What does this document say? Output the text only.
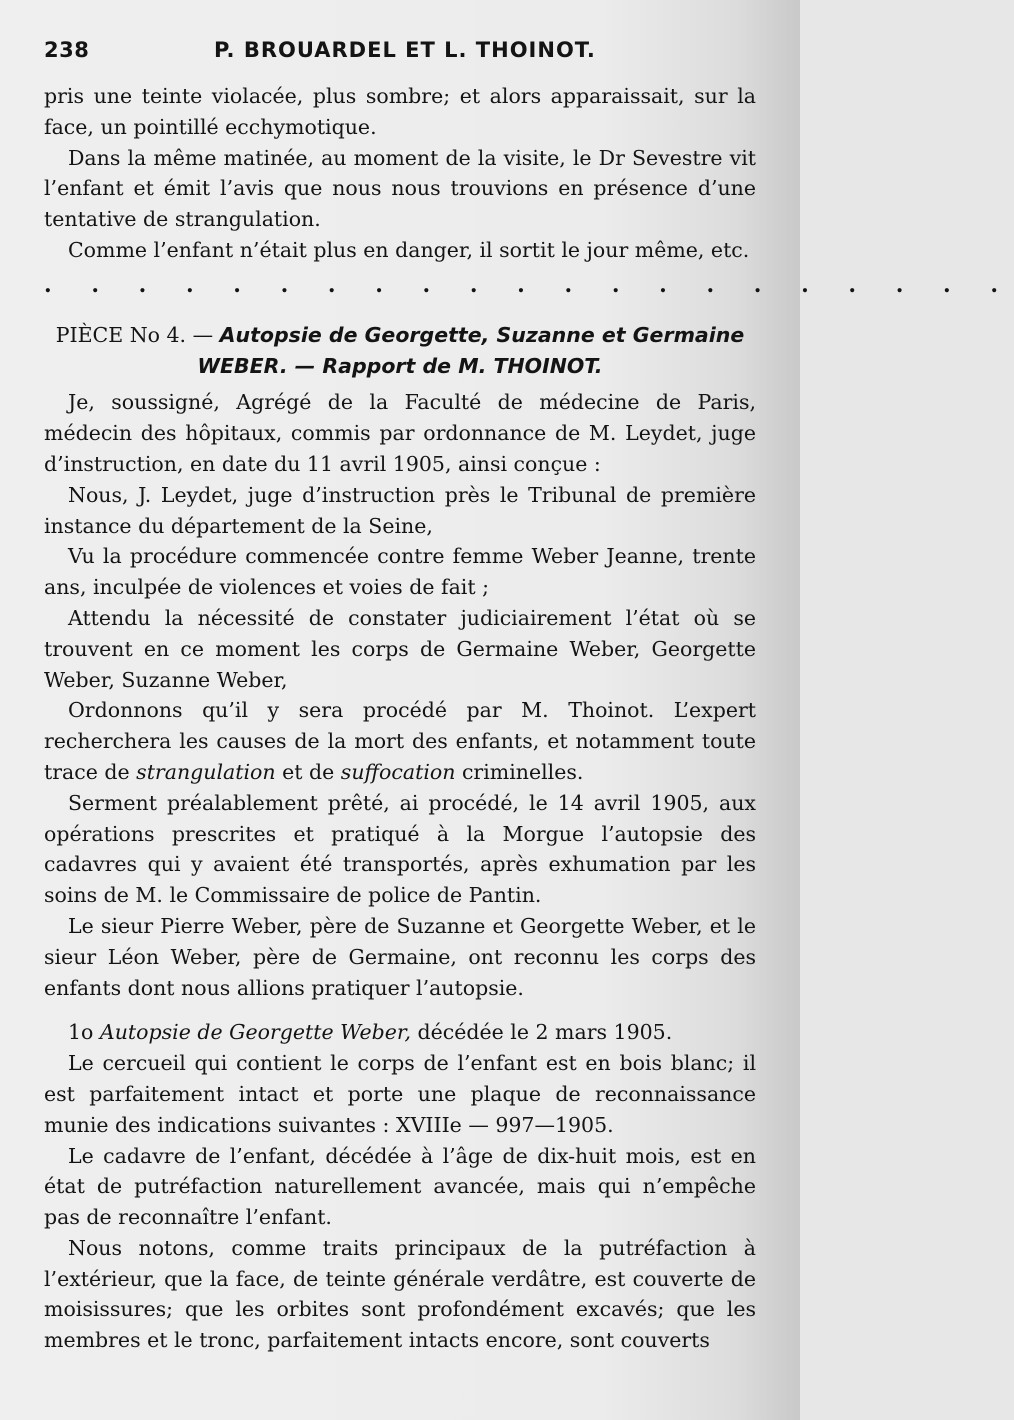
238	P. BROUARDEL ET L. THOINOT.

pris une teinte violacée, plus sombre; et alors apparaissait, sur la face, un pointillé ecchymotique.

Dans la même matinée, au moment de la visite, le Dr Sevestre vit l’enfant et émit l’avis que nous nous trouvions en présence d’une tentative de strangulation.

Comme l’enfant n’était plus en danger, il sortit le jour même, etc.

. . . . . . . . . . . . . . . . . . . . .

PIÈCE No 4. — Autopsie de Georgette, Suzanne et Germaine WEBER. — Rapport de M. THOINOT.

Je, soussigné, Agrégé de la Faculté de médecine de Paris, médecin des hôpitaux, commis par ordonnance de M. Leydet, juge d’instruction, en date du 11 avril 1905, ainsi conçue :

Nous, J. Leydet, juge d’instruction près le Tribunal de première instance du département de la Seine,

Vu la procédure commencée contre femme Weber Jeanne, trente ans, inculpée de violences et voies de fait ;

Attendu la nécessité de constater judiciairement l’état où se trouvent en ce moment les corps de Germaine Weber, Georgette Weber, Suzanne Weber,

Ordonnons qu’il y sera procédé par M. Thoinot. L’expert recherchera les causes de la mort des enfants, et notamment toute trace de strangulation et de suffocation criminelles.

Serment préalablement prêté, ai procédé, le 14 avril 1905, aux opérations prescrites et pratiqué à la Morgue l’autopsie des cadavres qui y avaient été transportés, après exhumation par les soins de M. le Commissaire de police de Pantin.

Le sieur Pierre Weber, père de Suzanne et Georgette Weber, et le sieur Léon Weber, père de Germaine, ont reconnu les corps des enfants dont nous allions pratiquer l’autopsie.

1o Autopsie de Georgette Weber, décédée le 2 mars 1905.

Le cercueil qui contient le corps de l’enfant est en bois blanc; il est parfaitement intact et porte une plaque de reconnaissance munie des indications suivantes : XVIIIe — 997—1905.

Le cadavre de l’enfant, décédée à l’âge de dix-huit mois, est en état de putréfaction naturellement avancée, mais qui n’empêche pas de reconnaître l’enfant.

Nous notons, comme traits principaux de la putréfaction à l’extérieur, que la face, de teinte générale verdâtre, est couverte de moisissures; que les orbites sont profondément excavés; que les membres et le tronc, parfaitement intacts encore, sont couverts
